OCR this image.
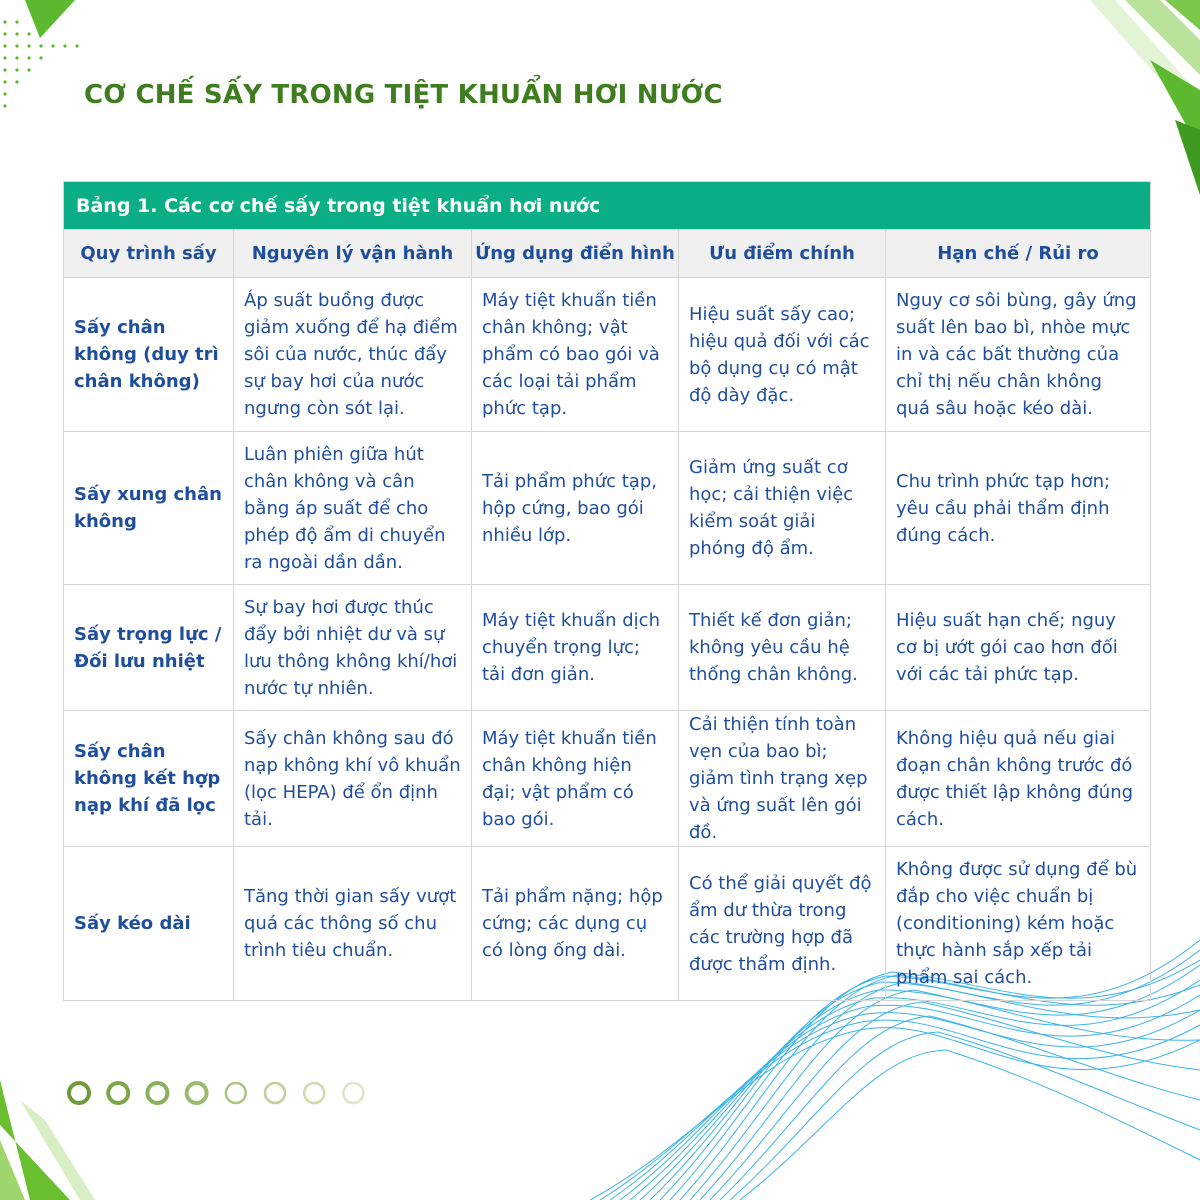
CƠ CHẾ SẤY TRONG TIỆT KHUẨN HƠI NƯỚC
Bảng 1. Các cơ chế sấy trong tiệt khuẩn hơi nước				
Quy trình sấy	Nguyên lý vận hành	Ứng dụng điển hình	Ưu điểm chính	Hạn chế / Rủi ro
Sấy chân không (duy trì chân không)	Áp suất buồng được giảm xuống để hạ điểm sôi của nước, thúc đẩy sự bay hơi của nước ngưng còn sót lại.	Máy tiệt khuẩn tiền chân không; vật phẩm có bao gói và các loại tải phẩm phức tạp.	Hiệu suất sấy cao; hiệu quả đối với các bộ dụng cụ có mật độ dày đặc.	Nguy cơ sôi bùng, gây ứng suất lên bao bì, nhòe mực in và các bất thường của chỉ thị nếu chân không quá sâu hoặc kéo dài.
Sấy xung chân không	Luân phiên giữa hút chân không và cân bằng áp suất để cho phép độ ẩm di chuyển ra ngoài dần dần.	Tải phẩm phức tạp, hộp cứng, bao gói nhiều lớp.	Giảm ứng suất cơ học; cải thiện việc kiểm soát giải phóng độ ẩm.	Chu trình phức tạp hơn; yêu cầu phải thẩm định đúng cách.
Sấy trọng lực / Đối lưu nhiệt	Sự bay hơi được thúc đẩy bởi nhiệt dư và sự lưu thông không khí/hơi nước tự nhiên.	Máy tiệt khuẩn dịch chuyển trọng lực; tải đơn giản.	Thiết kế đơn giản; không yêu cầu hệ thống chân không.	Hiệu suất hạn chế; nguy cơ bị ướt gói cao hơn đối với các tải phức tạp.
Sấy chân không kết hợp nạp khí đã lọc	Sấy chân không sau đó nạp không khí vô khuẩn (lọc HEPA) để ổn định tải.	Máy tiệt khuẩn tiền chân không hiện đại; vật phẩm có bao gói.	Cải thiện tính toàn vẹn của bao bì; giảm tình trạng xẹp và ứng suất lên gói đồ.	Không hiệu quả nếu giai đoạn chân không trước đó được thiết lập không đúng cách.
Sấy kéo dài	Tăng thời gian sấy vượt quá các thông số chu trình tiêu chuẩn.	Tải phẩm nặng; hộp cứng; các dụng cụ có lòng ống dài.	Có thể giải quyết độ ẩm dư thừa trong các trường hợp đã được thẩm định.	Không được sử dụng để bù đắp cho việc chuẩn bị (conditioning) kém hoặc thực hành sắp xếp tải phẩm sai cách.
